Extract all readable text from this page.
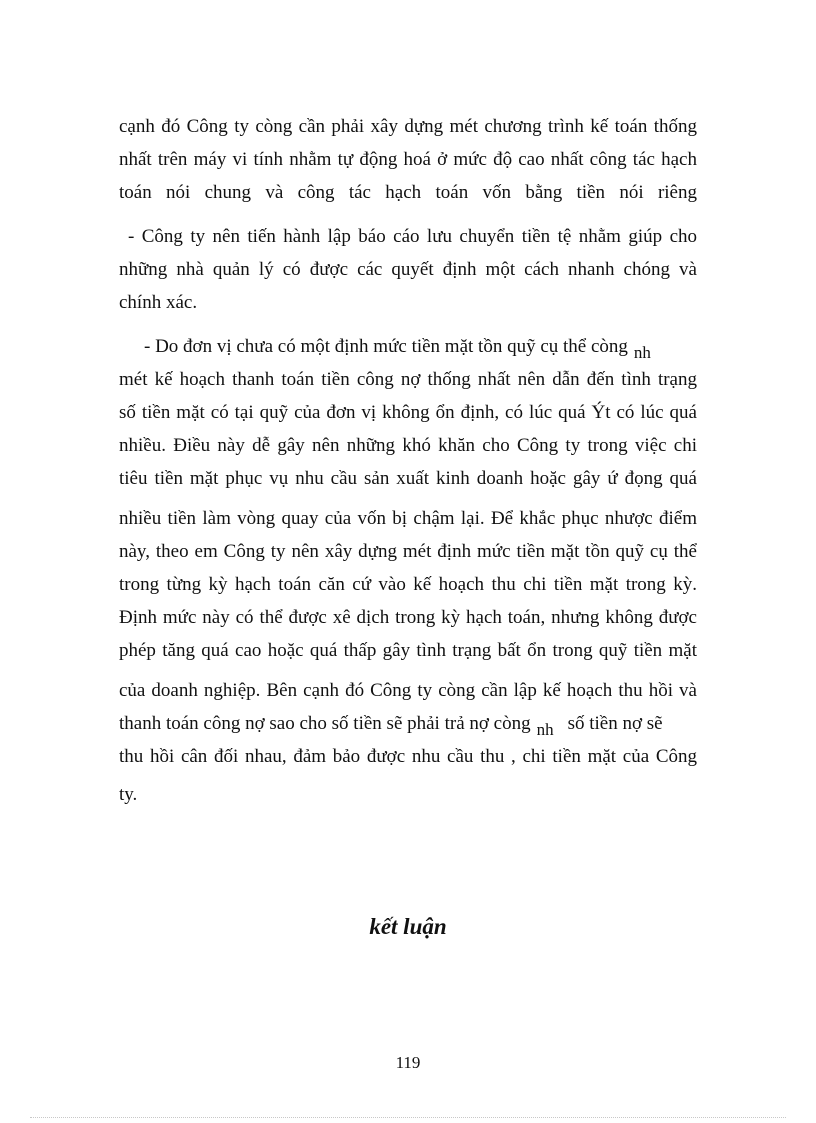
cạnh đó Công ty còng cần phải xây dựng mét chương trình kế toán thống
nhất trên máy vi tính nhằm tự động hoá ở mức độ cao nhất công tác hạch
toán nói chung và công tác hạch toán vốn bằng tiền nói riêng
- Công ty nên tiến hành lập báo cáo lưu chuyển tiền tệ nhằm giúp cho
những nhà quản lý có được các quyết định một cách nhanh chóng và
chính xác.
- Do đơn vị chưa có một định mức tiền mặt tồn quỹ cụ thể còng nh
mét kế hoạch thanh toán tiền công nợ thống nhất nên dẫn đến tình trạng
số tiền mặt có tại quỹ của đơn vị không ổn định, có lúc quá Ýt có lúc quá
nhiều. Điều này dễ gây nên những khó khăn cho Công ty trong việc chi
tiêu tiền mặt phục vụ nhu cầu sản xuất kinh doanh hoặc gây ứ đọng quá
nhiều tiền làm vòng quay của vốn bị chậm lại. Để khắc phục nhược điểm
này, theo em Công ty nên xây dựng mét định mức tiền mặt tồn quỹ cụ thể
trong từng kỳ hạch toán căn cứ vào kế hoạch thu chi tiền mặt trong kỳ.
Định mức này có thể được xê dịch trong kỳ hạch toán, nhưng không được
phép tăng quá cao hoặc quá thấp gây tình trạng bất ổn trong quỹ tiền mặt
của doanh nghiệp. Bên cạnh đó Công ty còng cần lập kế hoạch thu hồi và
thanh toán công nợ sao cho số tiền sẽ phải trả nợ còng nh số tiền nợ sẽ
thu hồi cân đối nhau, đảm bảo được nhu cầu thu , chi tiền mặt của Công
ty.
kết luận
119
